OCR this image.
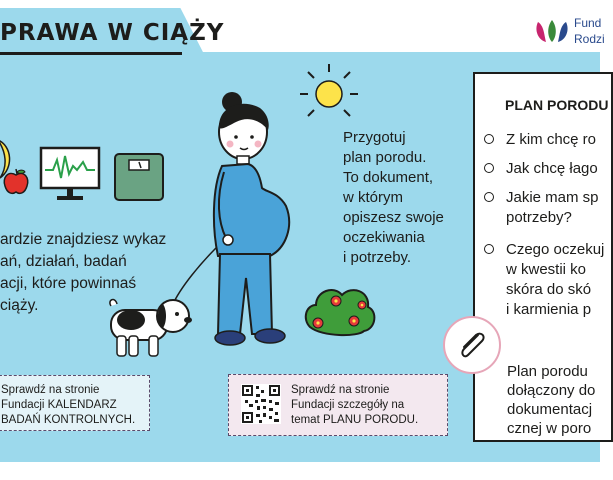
PRAWA W CIĄŻY	Fund
Rodzi
ardzie znajdziesz wykaz
ań, działań, badań
acji, które powinnaś
ciąży.
Sprawdź na stronie
Fundacji KALENDARZ
BADAŃ KONTROLNYCH.
Przygotuj
plan porodu.
To dokument,
w którym
opiszesz swoje
oczekiwania
i potrzeby.
Sprawdź na stronie
Fundacji szczegóły na
temat PLANU PORODU.
PLAN PORODU
Z kim chcę ro
Jak chcę łago
Jakie mam sp
potrzeby?
Czego oczekuj
w kwestii ko
skóra do skó
i karmienia p
Plan porodu
dołączony do
dokumentacj
cznej w poro
